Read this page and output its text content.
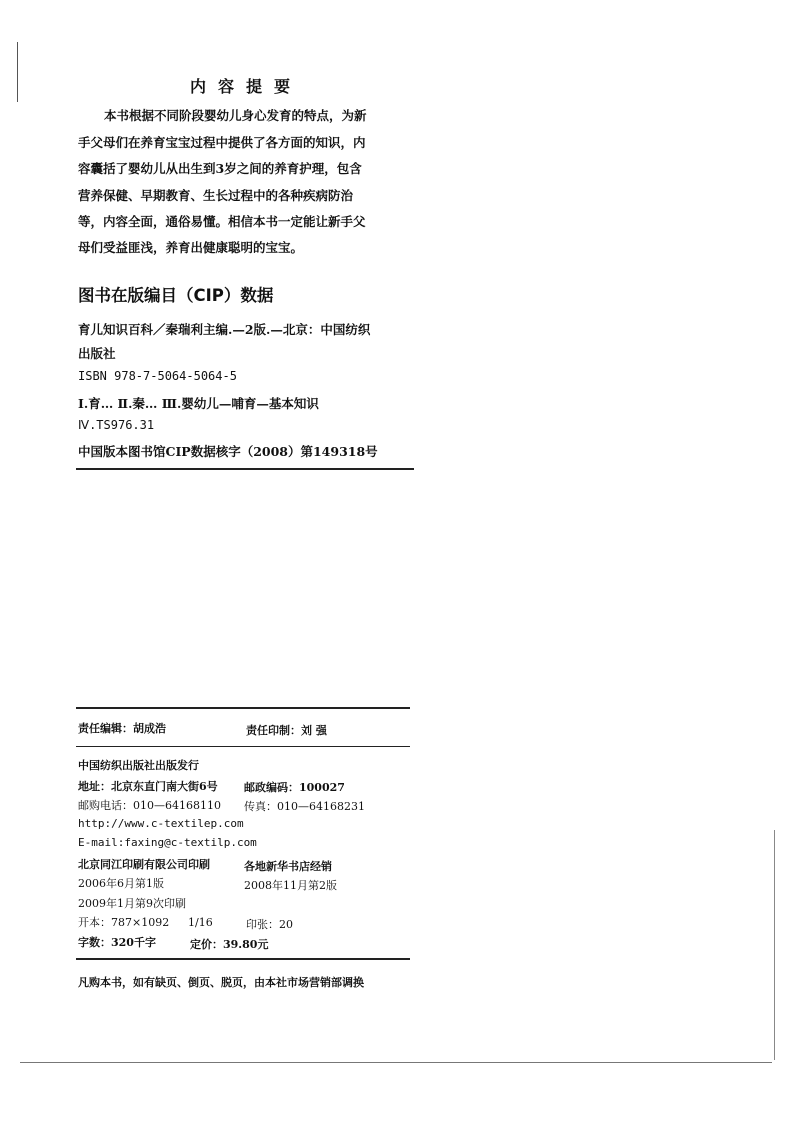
内容提要
本书根据不同阶段婴幼儿身心发育的特点，为新
手父母们在养育宝宝过程中提供了各方面的知识，内
容囊括了婴幼儿从出生到3岁之间的养育护理，包含
营养保健、早期教育、生长过程中的各种疾病防治
等，内容全面，通俗易懂。相信本书一定能让新手父
母们受益匪浅，养育出健康聪明的宝宝。
图书在版编目（CIP）数据
育儿知识百科／秦瑞利主编.—2版.—北京：中国纺织
出版社
ISBN 978-7-5064-5064-5
Ⅰ.育… Ⅱ.秦… Ⅲ.婴幼儿—哺育—基本知识
Ⅳ.TS976.31
中国版本图书馆CIP数据核字（2008）第149318号
责任编辑：胡成浩	责任印制：刘 强
中国纺织出版社出版发行
地址：北京东直门南大街6号 邮政编码：100027
邮购电话：010—64168110 传真：010—64168231
http://www.c-textilep.com
E-mail:faxing@c-textilp.com
北京同江印刷有限公司印刷	各地新华书店经销
2006年6月第1版	2008年11月第2版
2009年1月第9次印刷
开本：787×1092 1/16	印张：20
字数：320千字	定价：39.80元
凡购本书，如有缺页、倒页、脱页，由本社市场营销部调换
